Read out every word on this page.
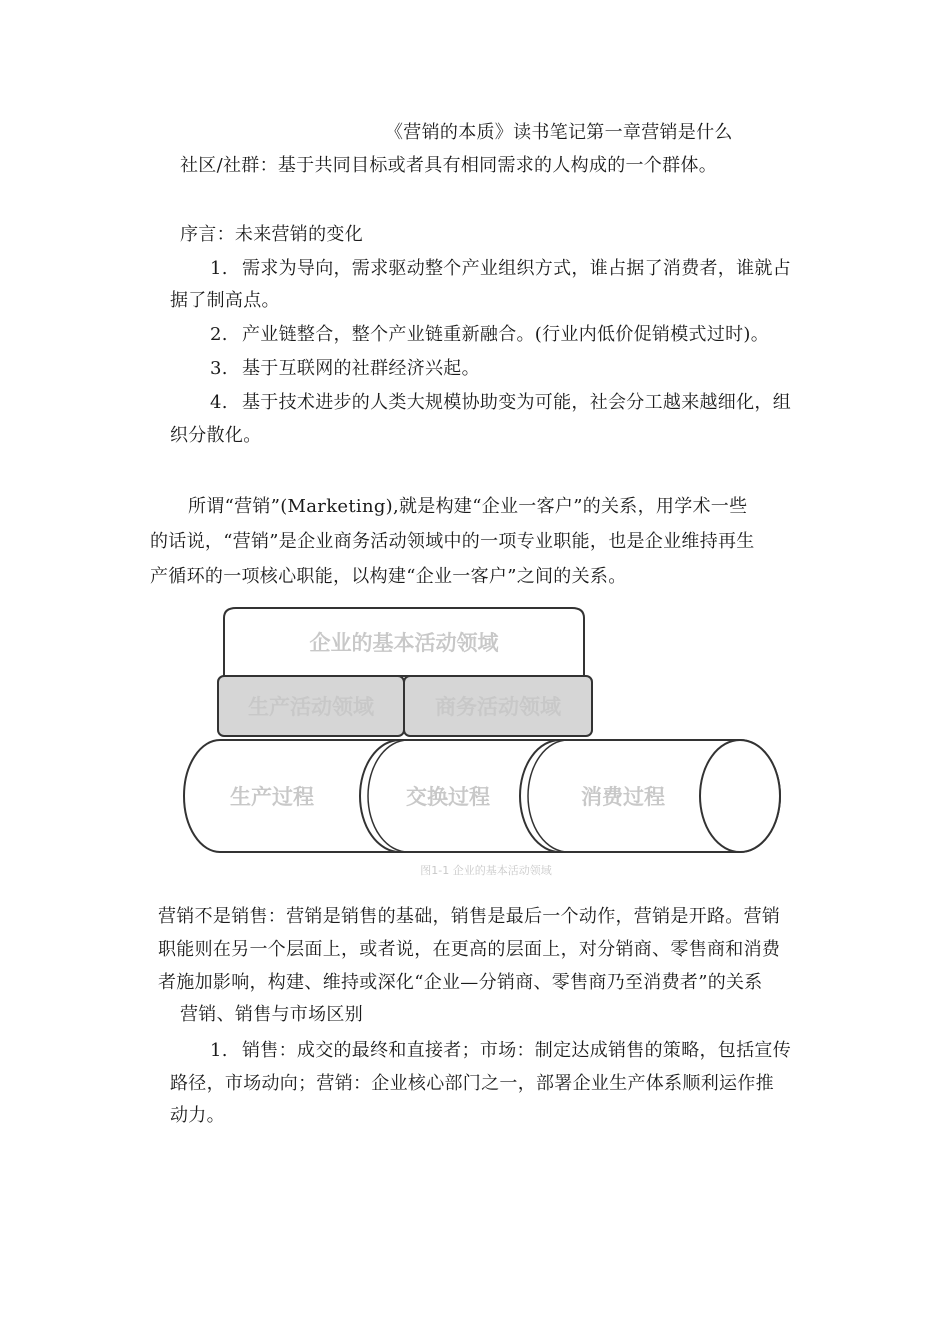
《营销的本质》读书笔记第一章营销是什么
社区/社群：基于共同目标或者具有相同需求的人构成的一个群体。
序言：未来营销的变化
1. 需求为导向，需求驱动整个产业组织方式，谁占据了消费者，谁就占
据了制高点。
2. 产业链整合，整个产业链重新融合。(行业内低价促销模式过时)。
3. 基于互联网的社群经济兴起。
4. 基于技术进步的人类大规模协助变为可能，社会分工越来越细化，组
织分散化。
所谓“营销”(Marketing),就是构建“企业一客户”的关系，用学术一些
的话说，“营销”是企业商务活动领域中的一项专业职能，也是企业维持再生
产循环的一项核心职能，以构建“企业一客户”之间的关系。
企业的基本活动领域
生产活动领域	商务活动领域
生产过程	交换过程	消费过程
图1-1 企业的基本活动领域
营销不是销售：营销是销售的基础，销售是最后一个动作，营销是开路。营销
职能则在另一个层面上，或者说，在更高的层面上，对分销商、零售商和消费
者施加影响，构建、维持或深化“企业—分销商、零售商乃至消费者”的关系
营销、销售与市场区别
1. 销售：成交的最终和直接者；市场：制定达成销售的策略，包括宣传
路径，市场动向；营销：企业核心部门之一，部署企业生产体系顺利运作推
动力。
